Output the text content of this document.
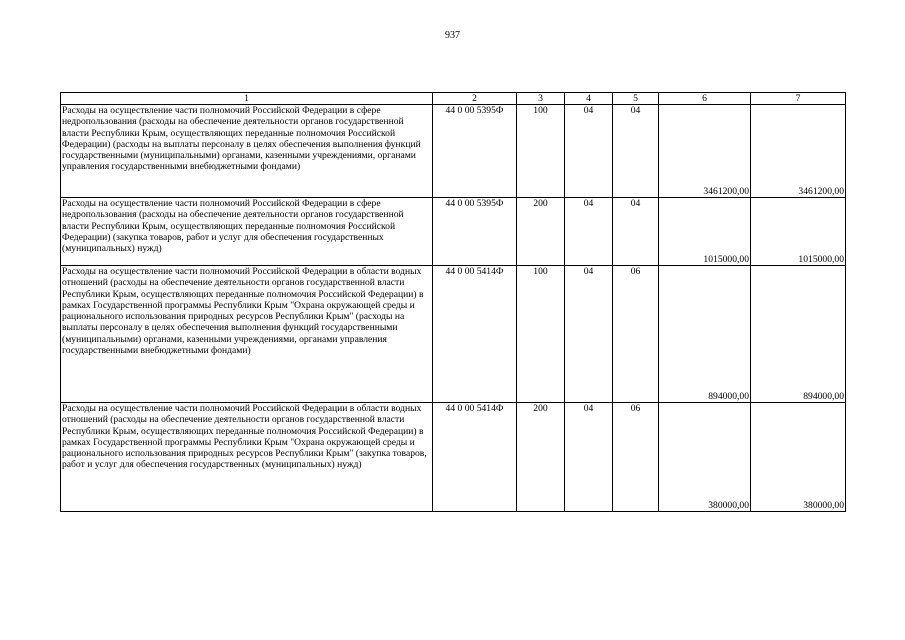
937
1	2	3	4	5	6	7
Расходы на осуществление части полномочий Российской Федерации в сфере недропользования (расходы на обеспечение деятельности органов государственной власти Республики Крым, осуществляющих переданные полномочия Российской Федерации) (расходы на выплаты персоналу в целях обеспечения выполнения функций государственными (муниципальными) органами, казенными учреждениями, органами управления государственными внебюджетными фондами)	44 0 00 5395Ф	100	04	04	3461200,00	3461200,00
Расходы на осуществление части полномочий Российской Федерации в сфере недропользования (расходы на обеспечение деятельности органов государственной власти Республики Крым, осуществляющих переданные полномочия Российской Федерации) (закупка товаров, работ и услуг для обеспечения государственных (муниципальных) нужд)	44 0 00 5395Ф	200	04	04	1015000,00	1015000,00
Расходы на осуществление части полномочий Российской Федерации в области водных отношений (расходы на обеспечение деятельности органов государственной власти Республики Крым, осуществляющих переданные полномочия Российской Федерации) в рамках Государственной программы Республики Крым "Охрана окружающей среды и рационального использования природных ресурсов Республики Крым" (расходы на выплаты персоналу в целях обеспечения выполнения функций государственными (муниципальными) органами, казенными учреждениями, органами управления государственными внебюджетными фондами)	44 0 00 5414Ф	100	04	06	894000,00	894000,00
Расходы на осуществление части полномочий Российской Федерации в области водных отношений (расходы на обеспечение деятельности органов государственной власти Республики Крым, осуществляющих переданные полномочия Российской Федерации) в рамках Государственной программы Республики Крым "Охрана окружающей среды и рационального использования природных ресурсов Республики Крым" (закупка товаров, работ и услуг для обеспечения государственных (муниципальных) нужд)	44 0 00 5414Ф	200	04	06	380000,00	380000,00
